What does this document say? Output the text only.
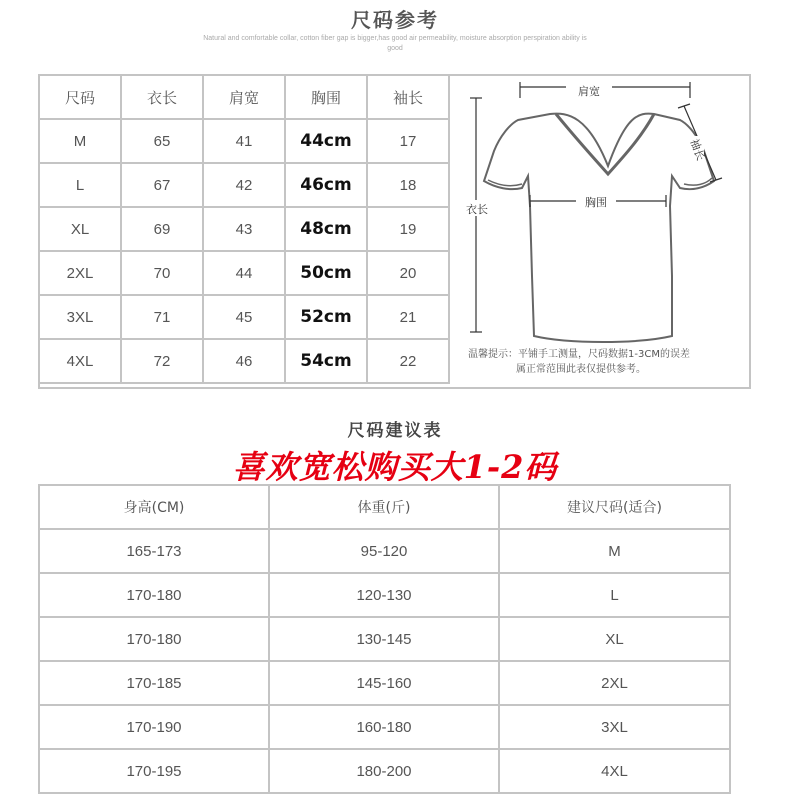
尺码参考
Natural and comfortable collar, cotton fiber gap is bigger,has good air permeability, moisture absorption perspiration ability is good
尺码	衣长	肩宽	胸围	袖长
M	65	41	44cm	17
L	67	42	46cm	18
XL	69	43	48cm	19
2XL	70	44	50cm	20
3XL	71	45	52cm	21
4XL	72	46	54cm	22
肩宽
袖长
衣长
胸围
温馨提示：平铺手工测量，尺码数据1-3CM的误差
属正常范围此表仅提供参考。
尺码建议表
喜欢宽松购买大1-2码
身高(CM)	体重(斤)	建议尺码(适合)
165-173	95-120	M
170-180	120-130	L
170-180	130-145	XL
170-185	145-160	2XL
170-190	160-180	3XL
170-195	180-200	4XL
